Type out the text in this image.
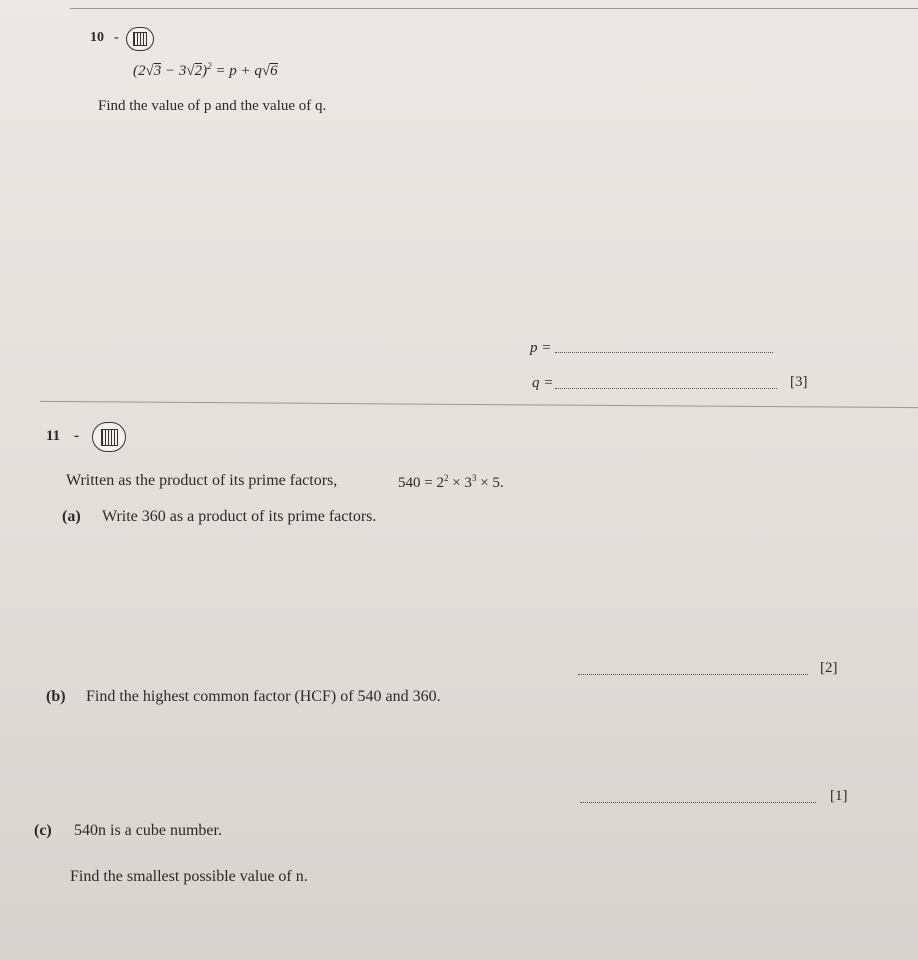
10 -
$(2√3 - 3√2)^2 = p + q√6$
Find the value of p and the value of q.
p =
q =	[3]
11 -
Written as the product of its prime factors,	$540 = 2^2 \times 3^3 \times 5$.
(a) Write 360 as a product of its prime factors.
[2]
(b) Find the highest common factor (HCF) of 540 and 360.
[1]
(c) 540n is a cube number.
Find the smallest possible value of n.
